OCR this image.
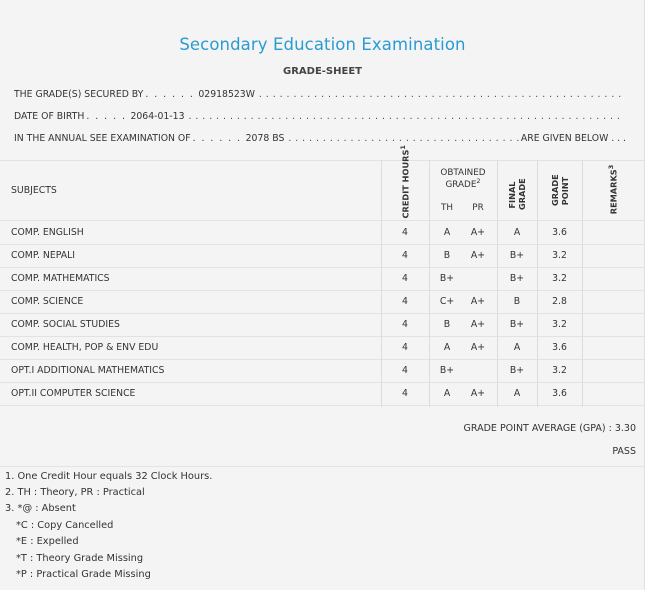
Secondary Education Examination
GRADE-SHEET
THE GRADE(S) SECURED BY . . . . . . 02918523W
. . .
DATE OF BIRTH . . . . . 2064-01-13
. . .
IN THE ANNUAL SEE EXAMINATION OF . . . . . . 2078 BS
. . .	ARE GIVEN BELOW . . .
SUBJECTS	CREDIT HOURS$^1$
OBTAINED GRADE$^2$
TH	PR	FINAL GRADE	GRADE POINT	REMARKS$^3$
COMP. ENGLISH	4	A	A+	A	3.6
COMP. NEPALI	4	B	A+	B+	3.2
COMP. MATHEMATICS	4	B+	B+	3.2
COMP. SCIENCE	4	C+	A+	B	2.8
COMP. SOCIAL STUDIES	4	B	A+	B+	3.2
COMP. HEALTH, POP & ENV EDU	4	A	A+	A	3.6
OPT.I ADDITIONAL MATHEMATICS	4	B+	B+	3.2
OPT.II COMPUTER SCIENCE	4	A	A+	A	3.6
GRADE POINT AVERAGE (GPA) : 3.30
PASS
1. One Credit Hour equals 32 Clock Hours.
2. TH : Theory, PR : Practical
3. *@ : Absent
*C : Copy Cancelled
*E : Expelled
*T : Theory Grade Missing
*P : Practical Grade Missing
